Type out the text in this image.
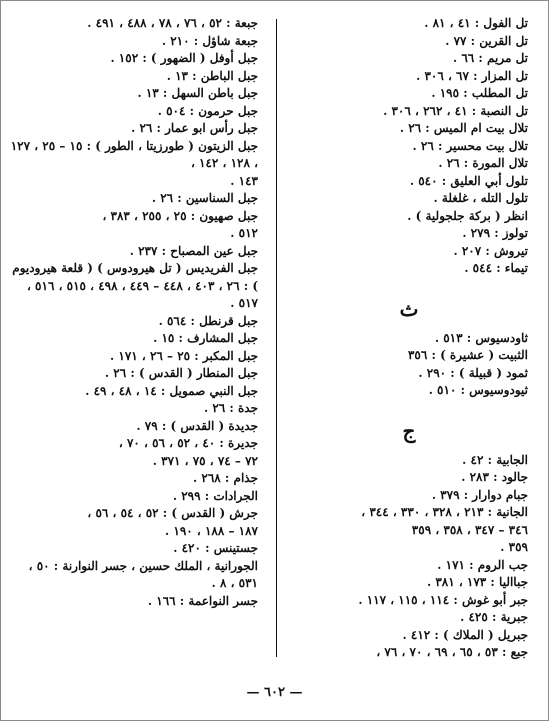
تل الفول : ٤١ ، ٨١ .
تل القرين : ٧٧ .
تل مريم : ٦٦ .
تل المزار : ٦٧ ، ٣٠٦ .
تل المطلب : ١٩٥ .
تل النصبة : ٤١ ، ٢٦٢ ، ٣٠٦ .
تلال بيت ام الميس : ٢٦ .
تلال بيت محسير : ٢٦ .
تلال المورة : ٢٦ .
تلول أبي العليق : ٥٤٠ .
تلول التله ، غلغلة .
انظر ( بركة جلجولية ) .
تولوز : ٢٧٩ .
تيروش : ٢٠٧ .
تيماء : ٥٤٤ .
ث
ثاودسيوس : ٥١٣ .
الثبيت ( عشيرة ) : ٣٥٦
ثمود ( قبيلة ) : ٢٩٠ .
ثيودوسيوس : ٥١٠ .
ج
الجابية : ٤٢ .
جالود : ٢٨٣ .
جبام دوارار : ٣٧٩ .
الجانية : ٢١٣ ، ٣٢٨ ، ٣٣٠ ، ٣٤٤ ،
٣٤٦ – ٣٤٧ ، ٣٥٨ ، ٣٥٩
٣٥٩ .
جب الروم : ١٧١ .
جبااليا : ١٧٣ ، ٣٨١ .
جبر أبو غوش : ١١٤ ، ١١٥ ، ١١٧ .
جبرية : ٤٢٥ .
جبريل ( الملاك ) : ٤١٢ .
جبع : ٥٣ ، ٦٥ ، ٦٩ ، ٧٠ ، ٧٦ ،
جبعة : ٥٢ ، ٧٦ ، ٧٨ ، ٤٨٨ ، ٤٩١ .
جبعة شاؤل : ٢١٠ .
جبل أوفل ( الضهور ) : ١٥٢ .
جبل الباطن : ١٣ .
جبل باطن السهل : ١٣ .
جبل حرمون : ٥٠٤ .
جبل رأس ابو عمار : ٢٦ .
جبل الزيتون ( طورزيتا ، الطور ) : ١٥ – ٢٥ ، ١٢٧ ، ١٢٨ ، ١٤٢ ،
١٤٣ .
جبل السناسين : ٢٦ .
جبل صهيون : ٢٥ ، ٢٥٥ ، ٣٨٣ ،
٥١٢ .
جبل عين المصباح : ٢٣٧ .
جبل الفريديس ( تل هيرودوس ) ( قلعة هيروديوم ) : ٢٦ ، ٤٠٣ ، ٤٤٨ – ٤٤٩ ، ٤٩٨ ، ٥١٥ ، ٥١٦ ،
٥١٧ .
جبل قرنطل : ٥٦٤ .
جبل المشارف : ١٥ .
جبل المكبر : ٢٥ – ٢٦ ، ١٧١ .
جبل المنطار ( القدس ) : ٢٦ .
جبل النبي صمويل : ١٤ ، ٤٨ ، ٤٩ .
جدة : ٢٦ .
جديدة ( القدس ) : ٧٩ .
جديرة : ٤٠ ، ٥٢ ، ٥٦ ، ٧٠ ،
٧٢ – ٧٤ ، ٧٥ ، ٣٧١ .
جذام : ٢٦٨ .
الجرادات : ٢٩٩ .
جرش ( القدس ) : ٥٢ ، ٥٤ ، ٥٦ ،
١٨٧ – ١٨٨ ، ١٩٠ .
جستينس : ٤٢٠ .
الجورانية ، الملك حسين ، جسر النوارنة : ٥٠ ، ٥٣١ ، ٨ .
جسر النواعمة : ١٦٦ .
— ٦٠٢ —
